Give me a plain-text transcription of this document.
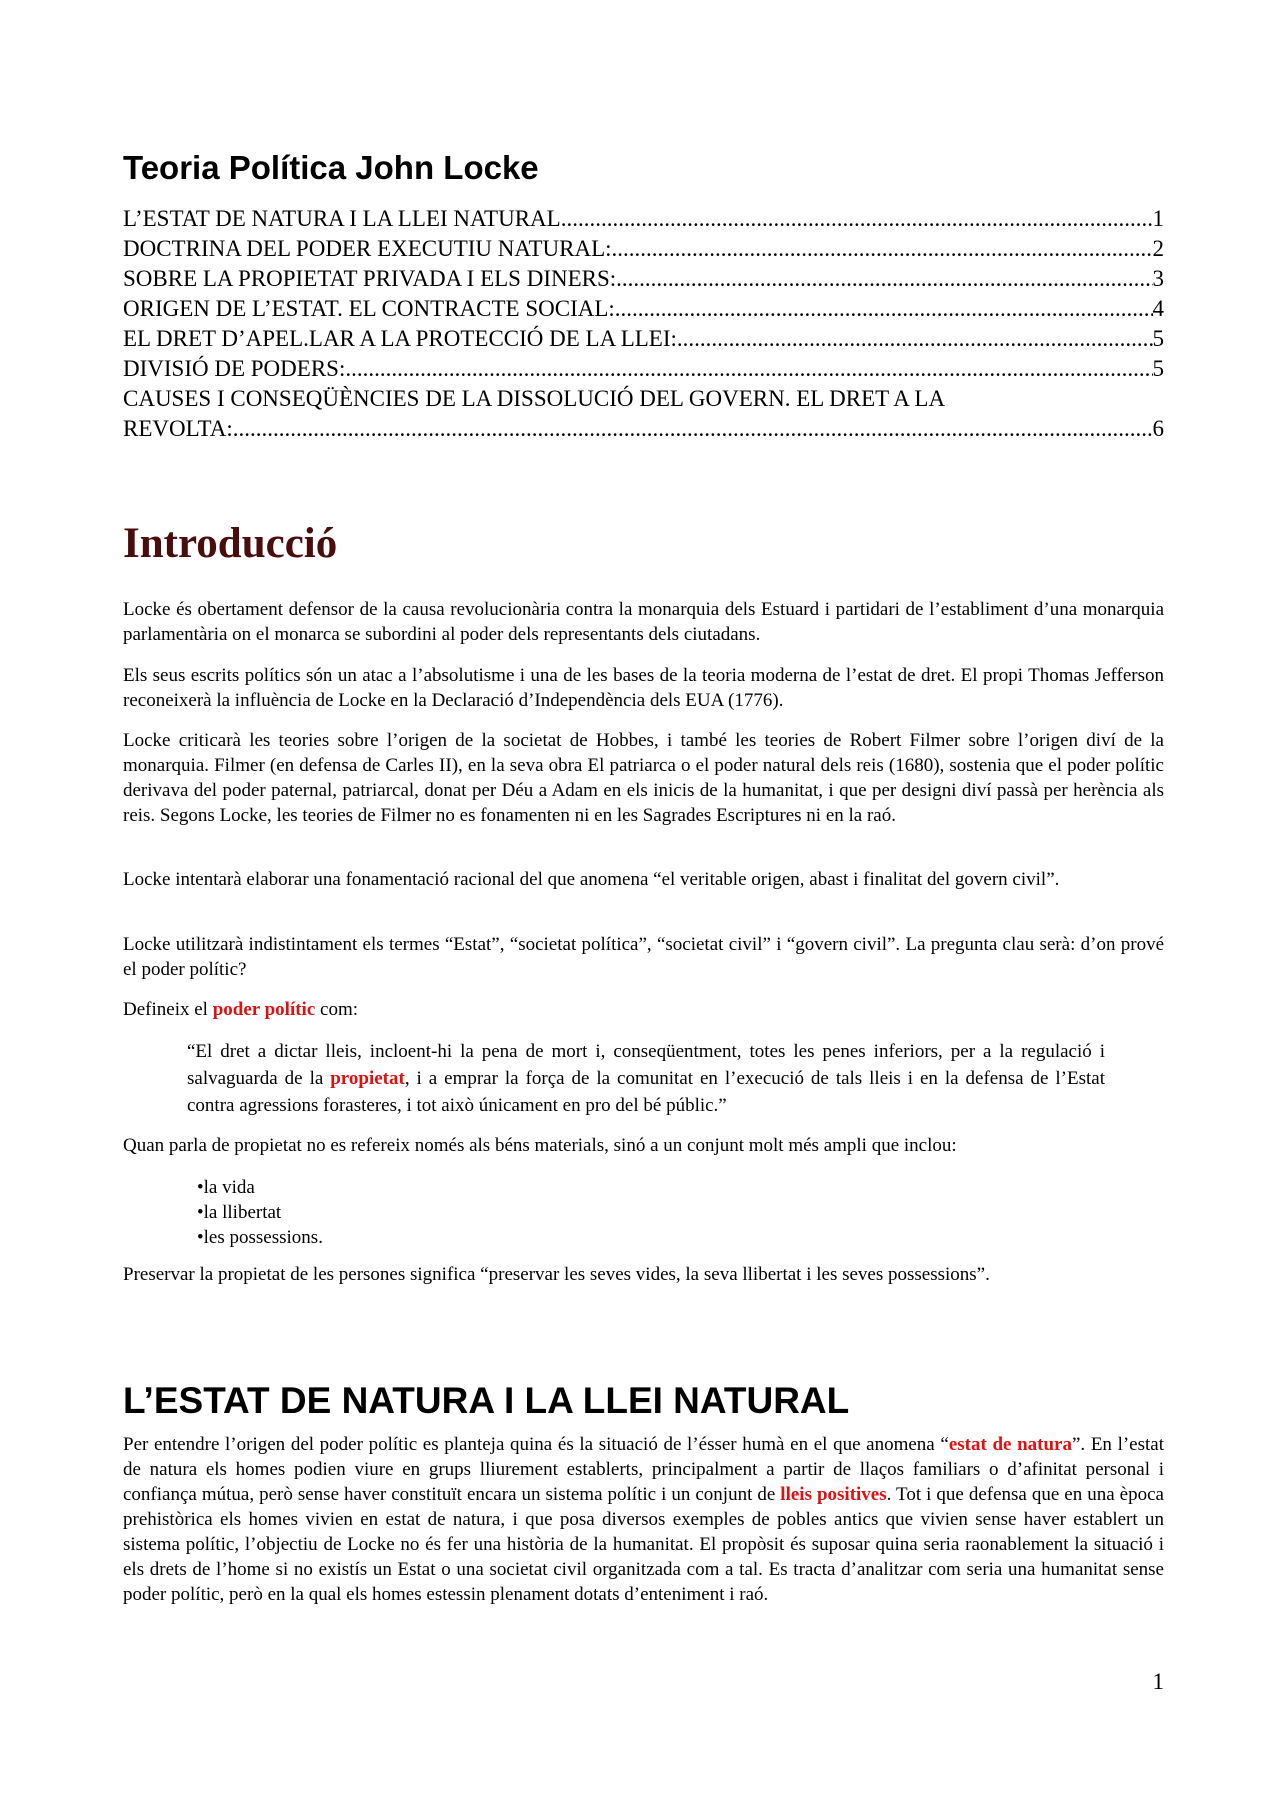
Teoria Política John Locke
L’ESTAT DE NATURA I LA LLEI NATURAL .....	1
DOCTRINA DEL PODER EXECUTIU NATURAL: .....	2
SOBRE LA PROPIETAT PRIVADA I ELS DINERS: .....	3
ORIGEN DE L’ESTAT. EL CONTRACTE SOCIAL: .....	4
EL DRET D’APEL.LAR A LA PROTECCIÓ DE LA LLEI: .....	5
DIVISIÓ DE PODERS: .....	5
CAUSES I CONSEQÜÈNCIES DE LA DISSOLUCIÓ DEL GOVERN. EL DRET A LA
REVOLTA: .....	6
Introducció

Locke és obertament defensor de la causa revolucionària contra la monarquia dels Estuard i partidari de l’establiment d’una monarquia parlamentària on el monarca se subordini al poder dels representants dels ciutadans.

Els seus escrits polítics són un atac a l’absolutisme i una de les bases de la teoria moderna de l’estat de dret. El propi Thomas Jefferson reconeixerà la influència de Locke en la Declaració d’Independència dels EUA (1776).

Locke criticarà les teories sobre l’origen de la societat de Hobbes, i també les teories de Robert Filmer sobre l’origen diví de la monarquia. Filmer (en defensa de Carles II), en la seva obra El patriarca o el poder natural dels reis (1680), sostenia que el poder polític derivava del poder paternal, patriarcal, donat per Déu a Adam en els inicis de la humanitat, i que per designi diví passà per herència als reis. Segons Locke, les teories de Filmer no es fonamenten ni en les Sagrades Escriptures ni en la raó.

Locke intentarà elaborar una fonamentació racional del que anomena “el veritable origen, abast i finalitat del govern civil”.

Locke utilitzarà indistintament els termes “Estat”, “societat política”, “societat civil” i “govern civil”. La pregunta clau serà: d’on prové el poder polític?

Defineix el poder polític com:

“El dret a dictar lleis, incloent-hi la pena de mort i, conseqüentment, totes les penes inferiors, per a la regulació i salvaguarda de la propietat, i a emprar la força de la comunitat en l’execució de tals lleis i en la defensa de l’Estat contra agressions forasteres, i tot això únicament en pro del bé públic.”

Quan parla de propietat no es refereix només als béns materials, sinó a un conjunt molt més ampli que inclou:

•la vida
•la llibertat
•les possessions.

Preservar la propietat de les persones significa “preservar les seves vides, la seva llibertat i les seves possessions”.

L’ESTAT DE NATURA I LA LLEI NATURAL

Per entendre l’origen del poder polític es planteja quina és la situació de l’ésser humà en el que anomena “estat de natura”. En l’estat de natura els homes podien viure en grups lliurement establerts, principalment a partir de llaços familiars o d’afinitat personal i confiança mútua, però sense haver constituït encara un sistema polític i un conjunt de lleis positives. Tot i que defensa que en una època prehistòrica els homes vivien en estat de natura, i que posa diversos exemples de pobles antics que vivien sense haver establert un sistema polític, l’objectiu de Locke no és fer una història de la humanitat. El propòsit és suposar quina seria raonablement la situació i els drets de l’home si no existís un Estat o una societat civil organitzada com a tal. Es tracta d’analitzar com seria una humanitat sense poder polític, però en la qual els homes estessin plenament dotats d’enteniment i raó.

1
